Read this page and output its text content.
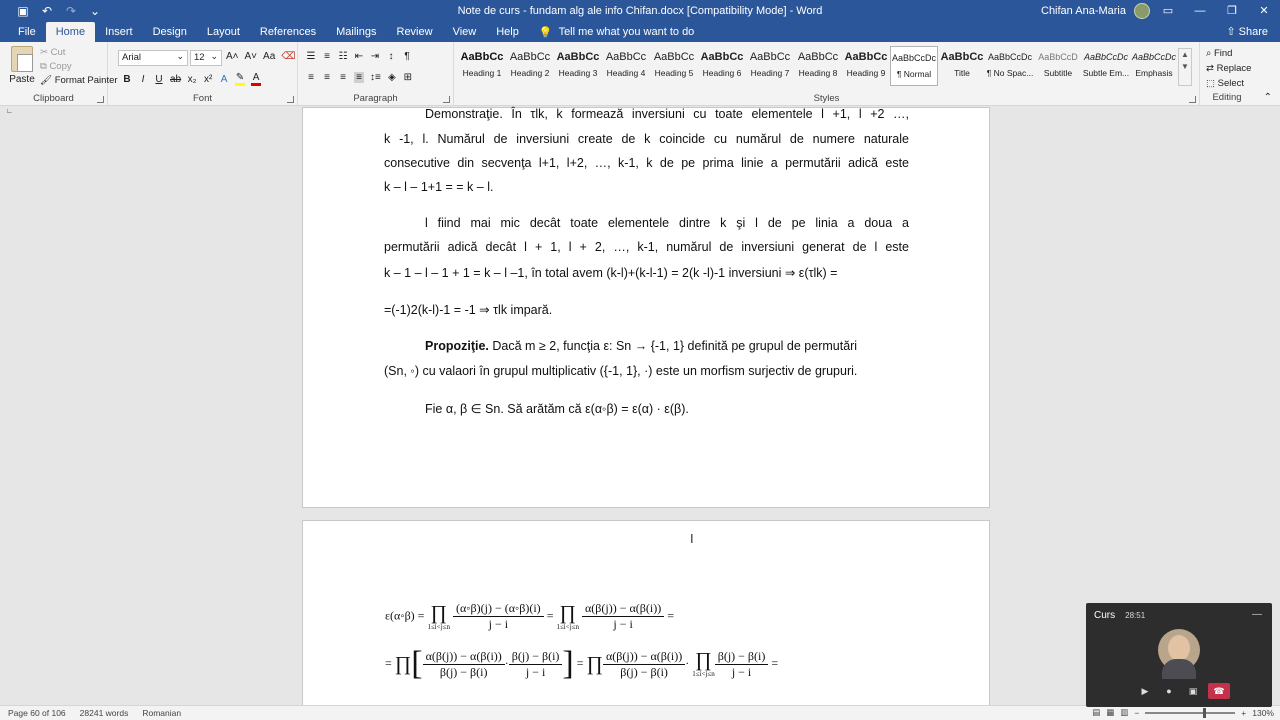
▣ ↶ ↷ ⌄	Note de curs - fundam alg ale info Chifan.docx [Compatibility Mode] - Word	Chifan Ana-Maria	▭	—	❐	✕
File	Home	Insert	Design	Layout	References	Mailings	Review	View	Help	💡 Tell me what you want to do	⇧ Share
Paste
✂ Cut
⧉ Copy
🖌 Format Painter
Clipboard
Arial ⌄	12 ⌄	A˄ A˅ Aa ⌫
B	I	U ab x₂ x² A ✎ A
Font
☰ ≡ ☷ ⇤ ⇥ ↕ ¶
≡ ≡ ≡ ≡ ↕≡ ◈ ⊞
Paragraph	Styles
AaBbCc
Heading 1
AaBbCc
Heading 2
AaBbCc
Heading 3
AaBbCc
Heading 4
AaBbCc
Heading 5
AaBbCc
Heading 6
AaBbCc
Heading 7
AaBbCc
Heading 8
AaBbCc
Heading 9
AaBbCcDc
¶ Normal
AaBbCc
Title
AaBbCcDc
¶ No Spac...
AaBbCcD
Subtitle
AaBbCcDc
Subtle Em...
AaBbCcDc
Emphasis
▲
▼
⌕ Find
⇄ Replace
⬚ Select
Editing	⌃
∟	Demonstraţie. În τlk, k formează inversiuni cu toate elementele l +1, l +2 …,
k -1, l. Numărul de inversiuni create de k coincide cu numărul de numere naturale
consecutive din secvenţa l+1, l+2, …, k-1, k de pe prima linie a permutării adică este
k – l – 1+1 = = k – l.
l fiind mai mic decât toate elementele dintre k şi l de pe linia a doua a
permutării adică decât l + 1, l + 2, …, k-1, numărul de inversiuni generat de l este
k – 1 – l – 1 + 1 = k – l –1, în total avem (k-l)+(k-l-1) = 2(k -l)-1 inversiuni ⇒ ε(τlk) =
=(-1)2(k-l)-1 = -1 ⇒ τlk impară.
Propoziţie. Dacă m ≥ 2, funcţia ε: Sn → {-1, 1} definită pe grupul de permutări
(Sn, ◦) cu valaori în grupul multiplicativ ({-1, 1}, ·) este un morfism surjectiv de grupuri.
Fie α, β ∈ Sn. Să arătăm că ε(α◦β) = ε(α) · ε(β).
ε(α◦β) = ∏
1≤i<j≤n
$\frac{(\alpha◦\beta)(j) - (\alpha◦\beta)(i)}{j - i}$ = ∏
1≤i<j≤n
$\frac{\alpha(\beta(j)) - \alpha(\beta(i))}{j - i}$ =
= ∏ [ $\frac{\alpha(\beta(j)) - \alpha(\beta(i))}{\beta(j) - \beta(i)} \cdot \frac{\beta(j) - \beta(i)}{j - i}$ ] = ∏ $\frac{\alpha(\beta(j)) - \alpha(\beta(i))}{\beta(j) - \beta(i)}$ · ∏
$1\le i<j\le n \frac{\beta(j) - \beta(i)}{j - i}$ =
I
Page 60 of 106 28241 words Romanian	▤ ▦ ▥ −	+ 130%
Curs 28:51	—
▶	●	▣	☎
